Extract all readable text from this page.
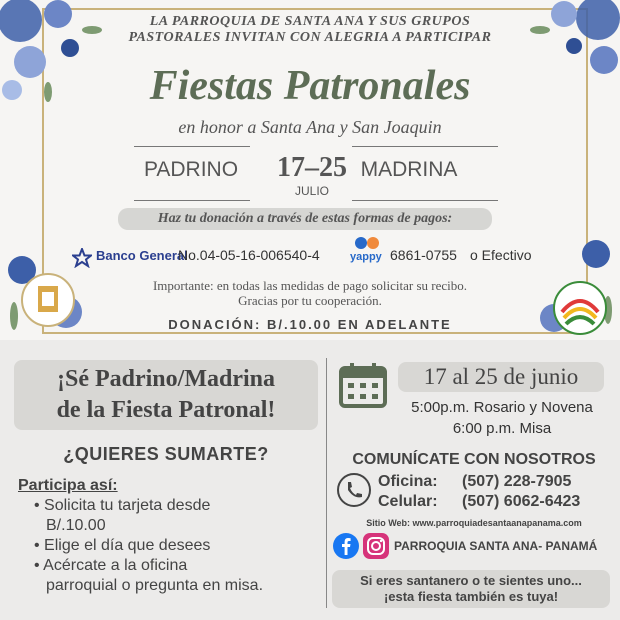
LA PARROQUIA DE SANTA ANA Y SUS GRUPOS
PASTORALES INVITAN CON ALEGRIA A PARTICIPAR
Fiestas Patronales
en honor a Santa Ana y San Joaquin
PADRINO	17–25
JULIO
MADRINA
Haz tu donación a través de estas formas de pagos:
Banco General
No.04-05-16-006540-4	yappy 6861-0755 o Efectivo
Importante: en todas las medidas de pago solicitar su recibo.
Gracias por tu cooperación.
DONACIÓN: B/.10.00 EN ADELANTE
¡Sé Padrino/Madrina
de la Fiesta Patronal!
¿QUIERES SUMARTE?
Participa así:
• Solicita tu tarjeta desde
B/.10.00
• Elige el día que desees
• Acércate a la oficina
parroquial o pregunta en misa.
17 al 25 de junio
5:00p.m. Rosario y Novena
6:00 p.m. Misa
COMUNÍCATE CON NOSOTROS
Oficina: (507) 228-7905
Celular: (507) 6062-6423
Sitio Web: www.parroquiadesantaanapanama.com
PARROQUIA SANTA ANA- PANAMÁ
Si eres santanero o te sientes uno...
¡esta fiesta también es tuya!
